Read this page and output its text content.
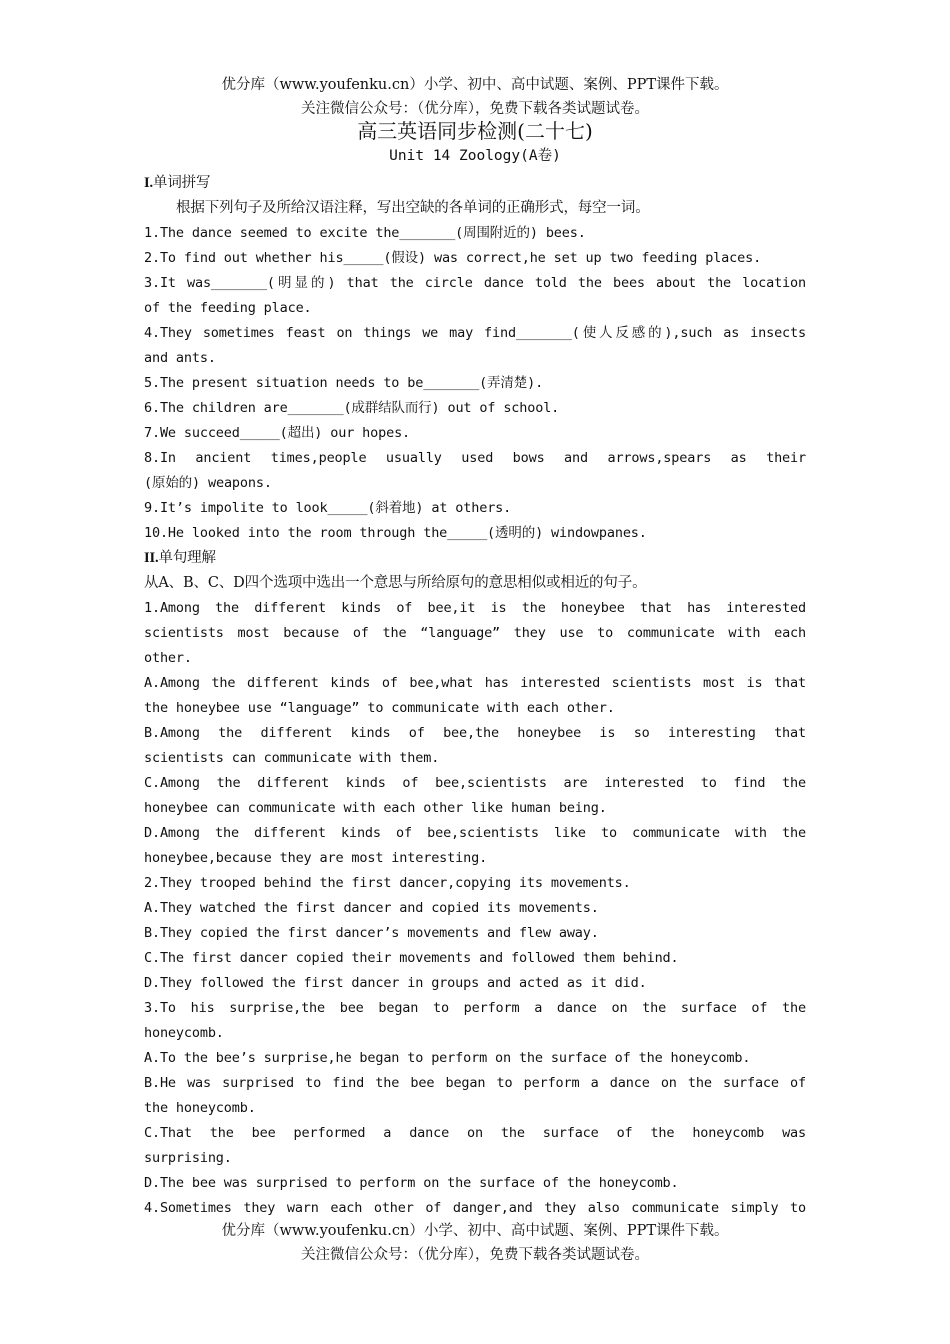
优分库（www.youfenku.cn）小学、初中、高中试题、案例、PPT课件下载。
关注微信公众号：（优分库），免费下载各类试题试卷。
高三英语同步检测(二十七)
Unit 14 Zoology(A卷)
I.单词拼写
根据下列句子及所给汉语注释，写出空缺的各单词的正确形式，每空一词。
1.The dance seemed to excite the_______(周围附近的) bees.
2.To find out whether his_____(假设) was correct,he set up two feeding places.
3.It was_______(明显的) that the circle dance told the bees about the location
of the feeding place.
4.They sometimes feast on things we may find_______(使人反感的),such as insects
and ants.
5.The present situation needs to be_______(弄清楚).
6.The children are_______(成群结队而行) out of school.
7.We succeed_____(超出) our hopes.
8.In ancient times,people usually used bows and arrows,spears as their
(原始的) weapons.
9.It’s impolite to look_____(斜着地) at others.
10.He looked into the room through the_____(透明的) windowpanes.
II.单句理解
从A、B、C、D四个选项中选出一个意思与所给原句的意思相似或相近的句子。
1.Among the different kinds of bee,it is the honeybee that has interested
scientists most because of the “language” they use to communicate with each
other.
A.Among the different kinds of bee,what has interested scientists most is that
the honeybee use “language” to communicate with each other.
B.Among the different kinds of bee,the honeybee is so interesting that
scientists can communicate with them.
C.Among the different kinds of bee,scientists are interested to find the
honeybee can communicate with each other like human being.
D.Among the different kinds of bee,scientists like to communicate with the
honeybee,because they are most interesting.
2.They trooped behind the first dancer,copying its movements.
A.They watched the first dancer and copied its movements.
B.They copied the first dancer’s movements and flew away.
C.The first dancer copied their movements and followed them behind.
D.They followed the first dancer in groups and acted as it did.
3.To his surprise,the bee began to perform a dance on the surface of the
honeycomb.
A.To the bee’s surprise,he began to perform on the surface of the honeycomb.
B.He was surprised to find the bee began to perform a dance on the surface of
the honeycomb.
C.That the bee performed a dance on the surface of the honeycomb was
surprising.
D.The bee was surprised to perform on the surface of the honeycomb.
4.Sometimes they warn each other of danger,and they also communicate simply to
优分库（www.youfenku.cn）小学、初中、高中试题、案例、PPT课件下载。
关注微信公众号：（优分库），免费下载各类试题试卷。
